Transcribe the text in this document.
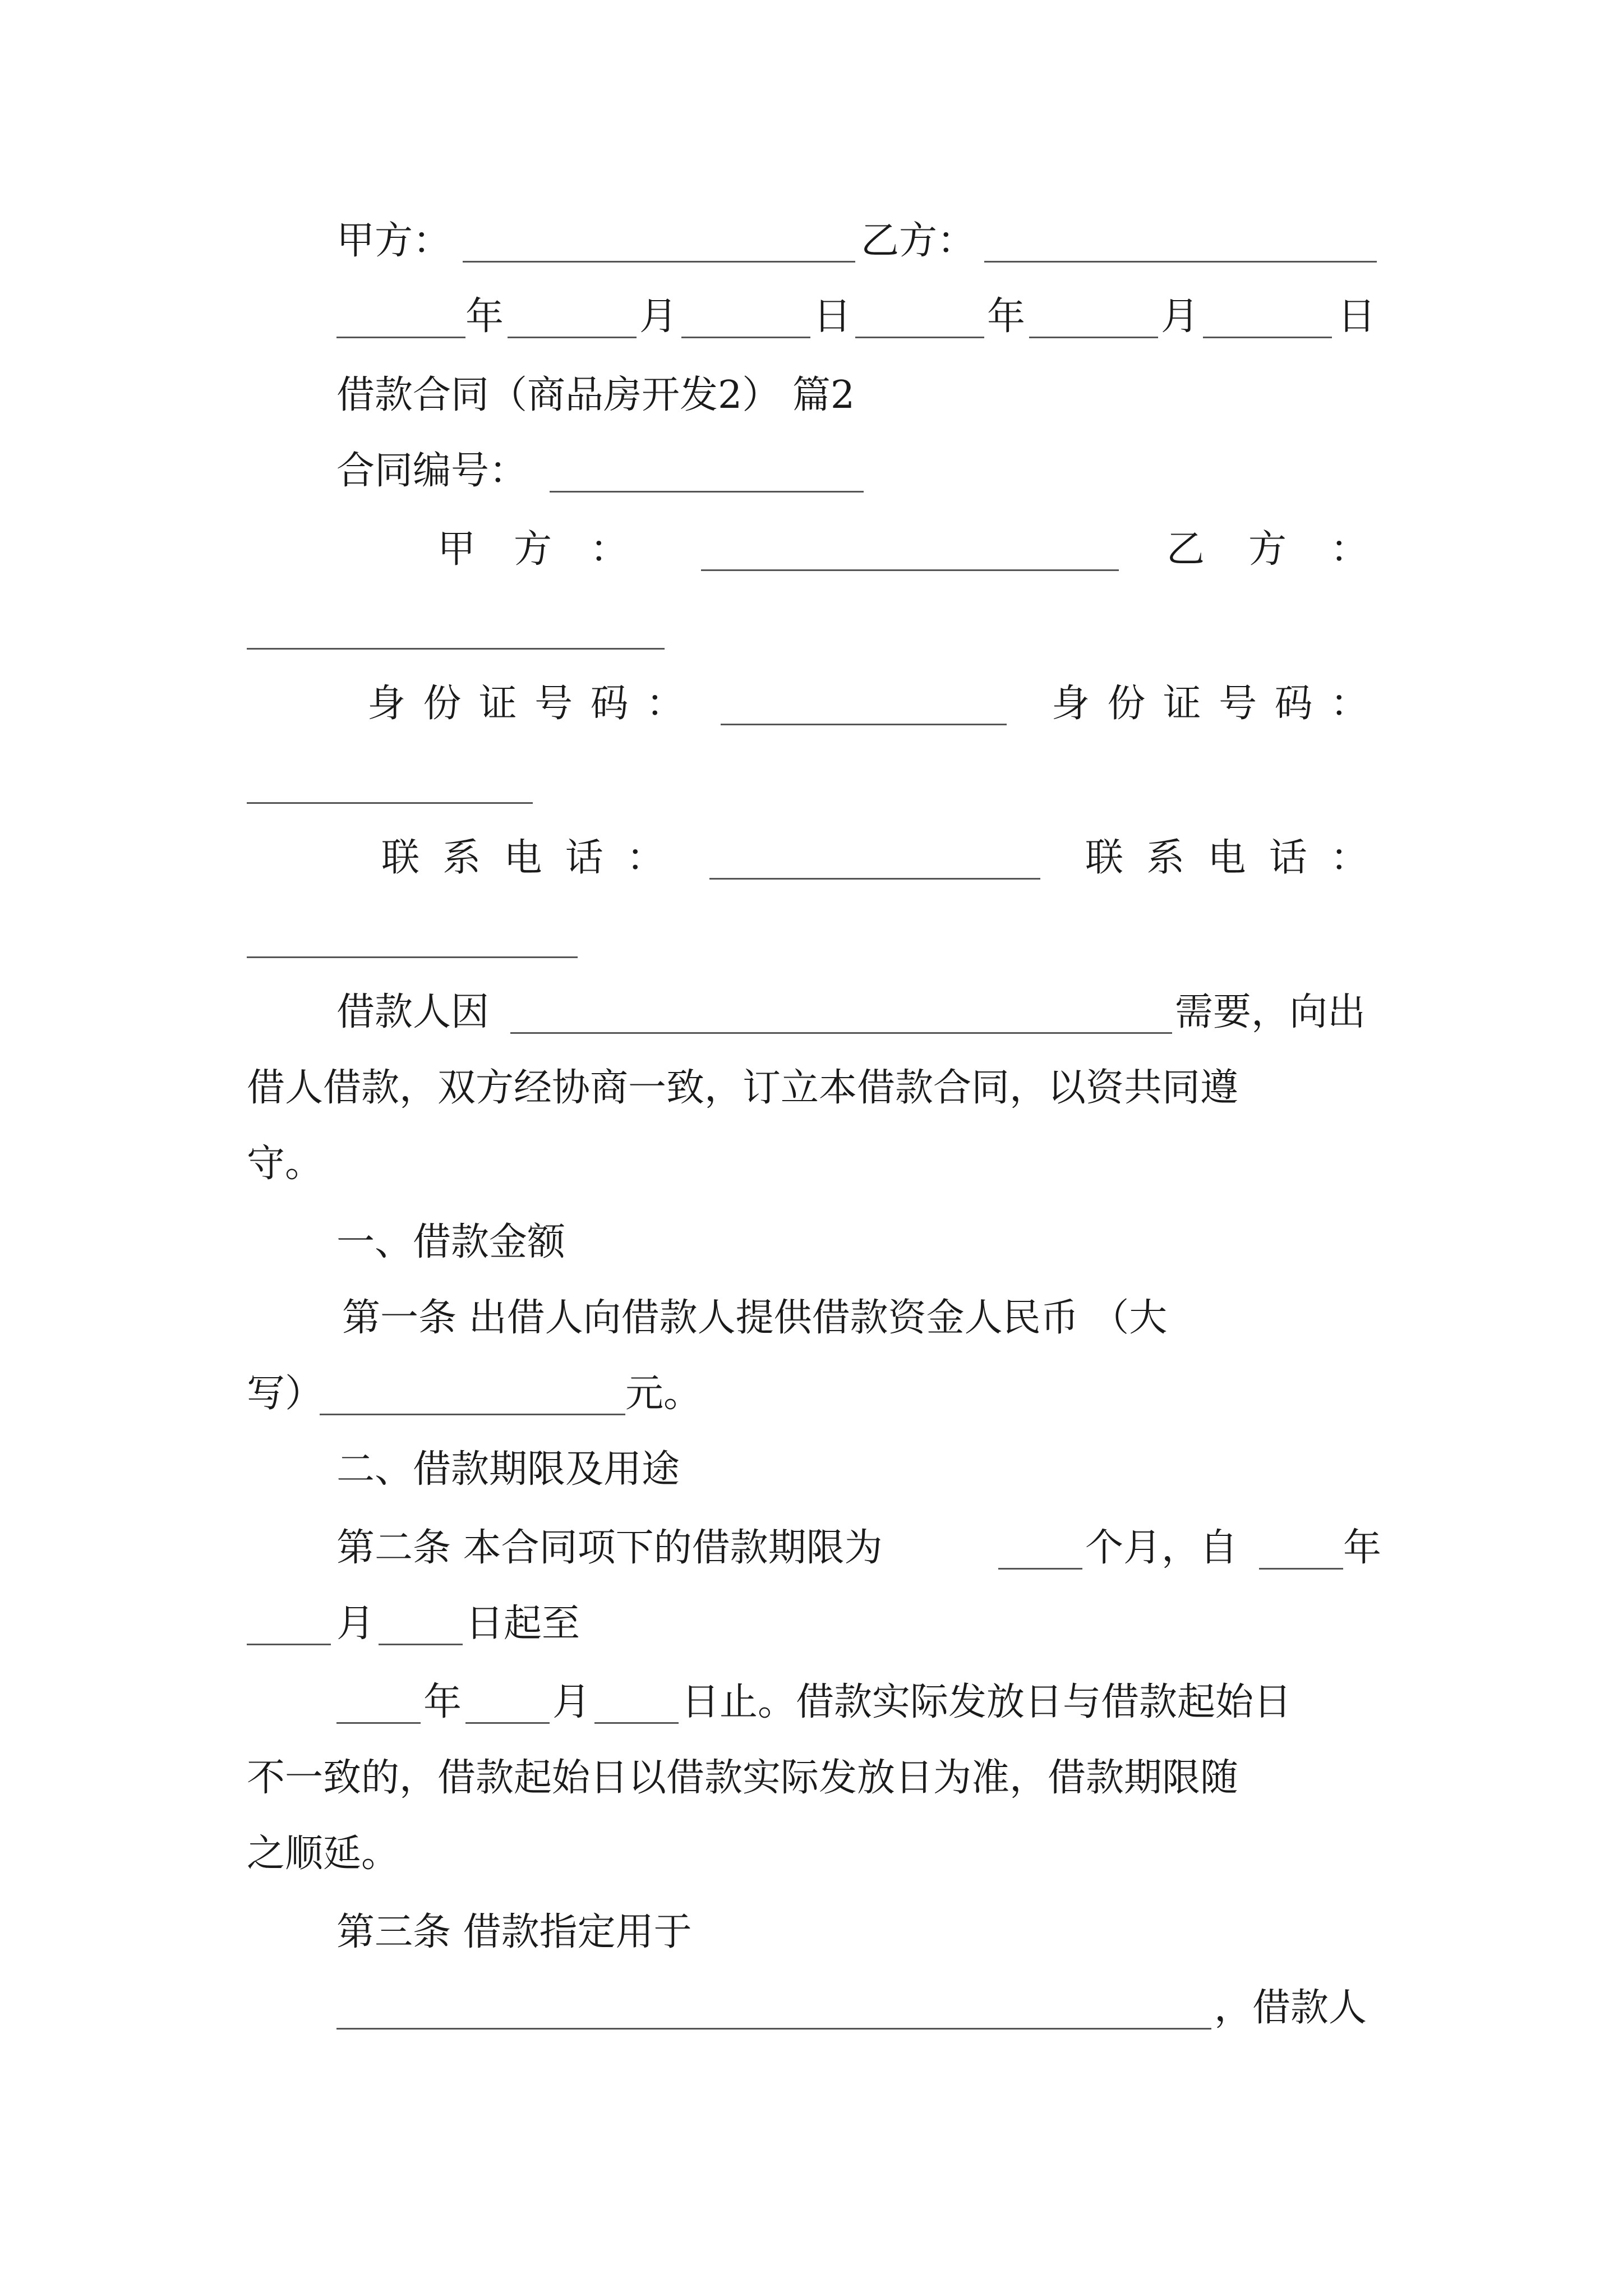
甲方：	乙方：
年	月	日	年	月	日
借款合同（商品房开发2） 篇2
合同编号：
甲 方 ：	乙 方 ：
身 份 证 号 码 ：	身 份 证 号 码 ：
联 系 电 话 ：	联 系 电 话 ：
借款人因	需要，向出
借人借款，双方经协商一致，订立本借款合同，以资共同遵
守。
一、借款金额
第一条 出借人向借款人提供借款资金人民币 （大
写）	元。
二、借款期限及用途
第二条 本合同项下的借款期限为	个月，自	年
月 日起至
年 月 日止。借款实际发放日与借款起始日
不一致的，借款起始日以借款实际发放日为准，借款期限随
之顺延。
第三条 借款指定用于
，借款人
